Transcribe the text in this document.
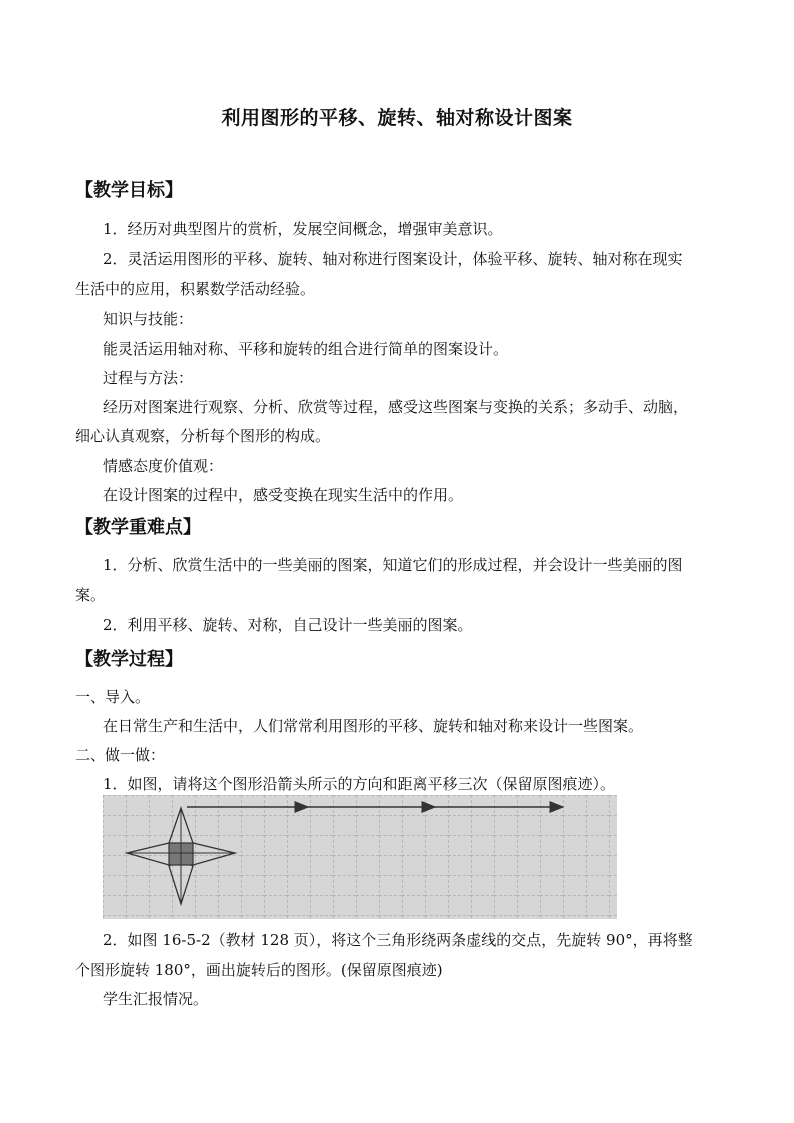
利用图形的平移、旋转、轴对称设计图案
【教学目标】
1．经历对典型图片的赏析，发展空间概念，增强审美意识。
2．灵活运用图形的平移、旋转、轴对称进行图案设计，体验平移、旋转、轴对称在现实
生活中的应用，积累数学活动经验。
知识与技能：
能灵活运用轴对称、平移和旋转的组合进行简单的图案设计。
过程与方法：
经历对图案进行观察、分析、欣赏等过程，感受这些图案与变换的关系；多动手、动脑，
细心认真观察，分析每个图形的构成。
情感态度价值观：
在设计图案的过程中，感受变换在现实生活中的作用。
【教学重难点】
1．分析、欣赏生活中的一些美丽的图案，知道它们的形成过程，并会设计一些美丽的图
案。
2．利用平移、旋转、对称，自己设计一些美丽的图案。
【教学过程】
一、导入。
在日常生产和生活中，人们常常利用图形的平移、旋转和轴对称来设计一些图案。
二、做一做：
1．如图，请将这个图形沿箭头所示的方向和距离平移三次（保留原图痕迹）。
2．如图 16-5-2（教材 128 页），将这个三角形绕两条虚线的交点，先旋转 90°，再将整
个图形旋转 180°，画出旋转后的图形。(保留原图痕迹)
学生汇报情况。
